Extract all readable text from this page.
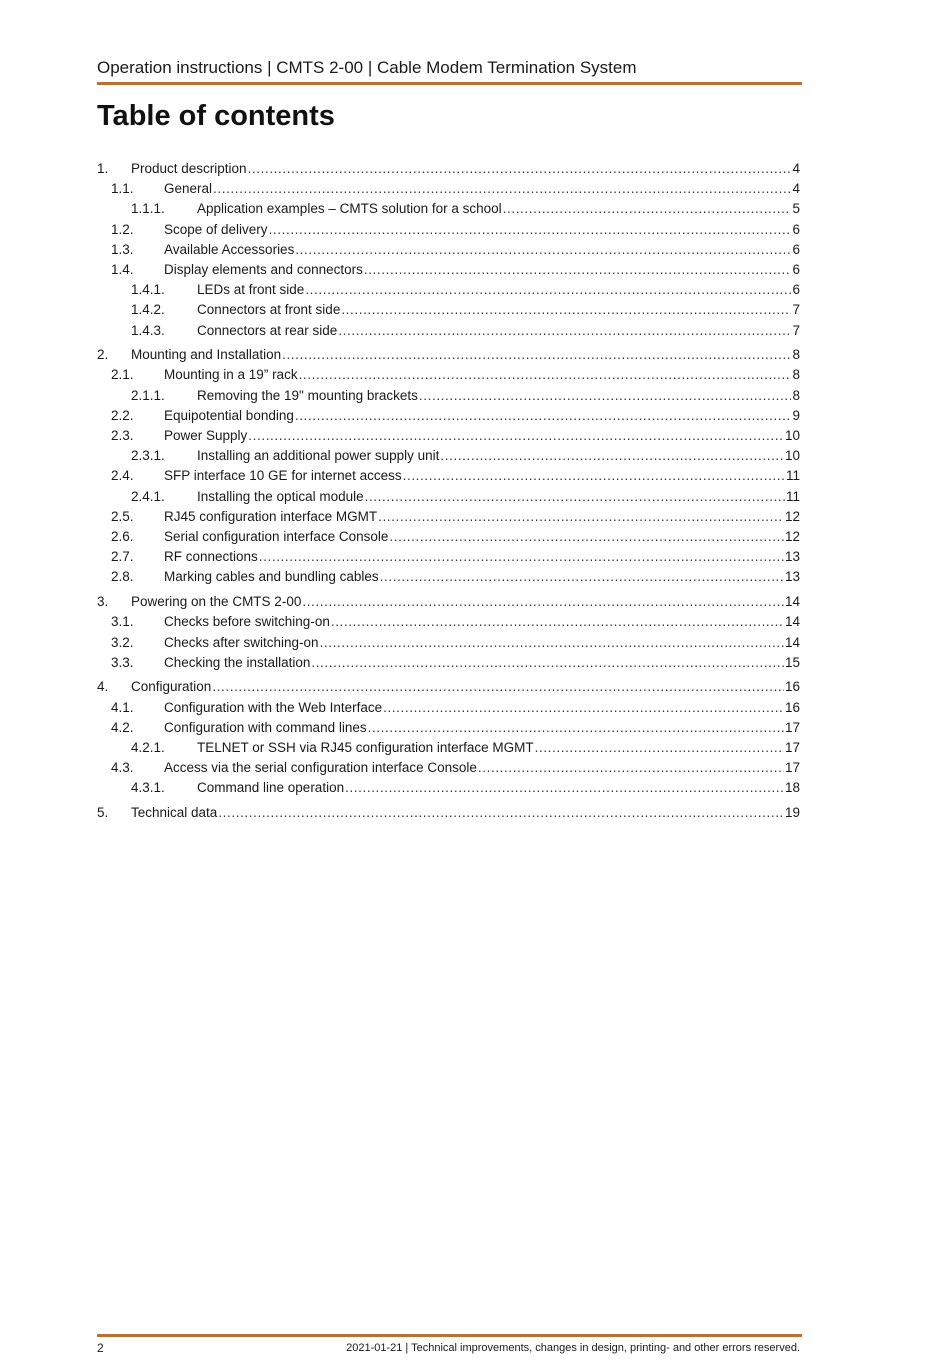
Operation instructions | CMTS 2-00 | Cable Modem Termination System
Table of contents
1.	Product description .....	4
1.1.	General .....	4
1.1.1.	Application examples – CMTS solution for a school .....	5
1.2.	Scope of delivery .....	6
1.3.	Available Accessories .....	6
1.4.	Display elements and connectors .....	6
1.4.1.	LEDs at front side .....	6
1.4.2.	Connectors at front side .....	7
1.4.3.	Connectors at rear side .....	7
2.	Mounting and Installation .....	8
2.1.	Mounting in a 19” rack .....	8
2.1.1.	Removing the 19" mounting brackets .....	8
2.2.	Equipotential bonding .....	9
2.3.	Power Supply .....	10
2.3.1.	Installing an additional power supply unit .....	10
2.4.	SFP interface 10 GE for internet access .....	11
2.4.1.	Installing the optical module .....	11
2.5.	RJ45 configuration interface MGMT .....	12
2.6.	Serial configuration interface Console .....	12
2.7.	RF connections .....	13
2.8.	Marking cables and bundling cables .....	13
3.	Powering on the CMTS 2-00 .....	14
3.1.	Checks before switching-on .....	14
3.2.	Checks after switching-on .....	14
3.3.	Checking the installation .....	15
4.	Configuration .....	16
4.1.	Configuration with the Web Interface .....	16
4.2.	Configuration with command lines .....	17
4.2.1.	TELNET or SSH via RJ45 configuration interface MGMT .....	17
4.3.	Access via the serial configuration interface Console .....	17
4.3.1.	Command line operation .....	18
5.	Technical data .....	19
2	2021-01-21 | Technical improvements, changes in design, printing- and other errors reserved.
